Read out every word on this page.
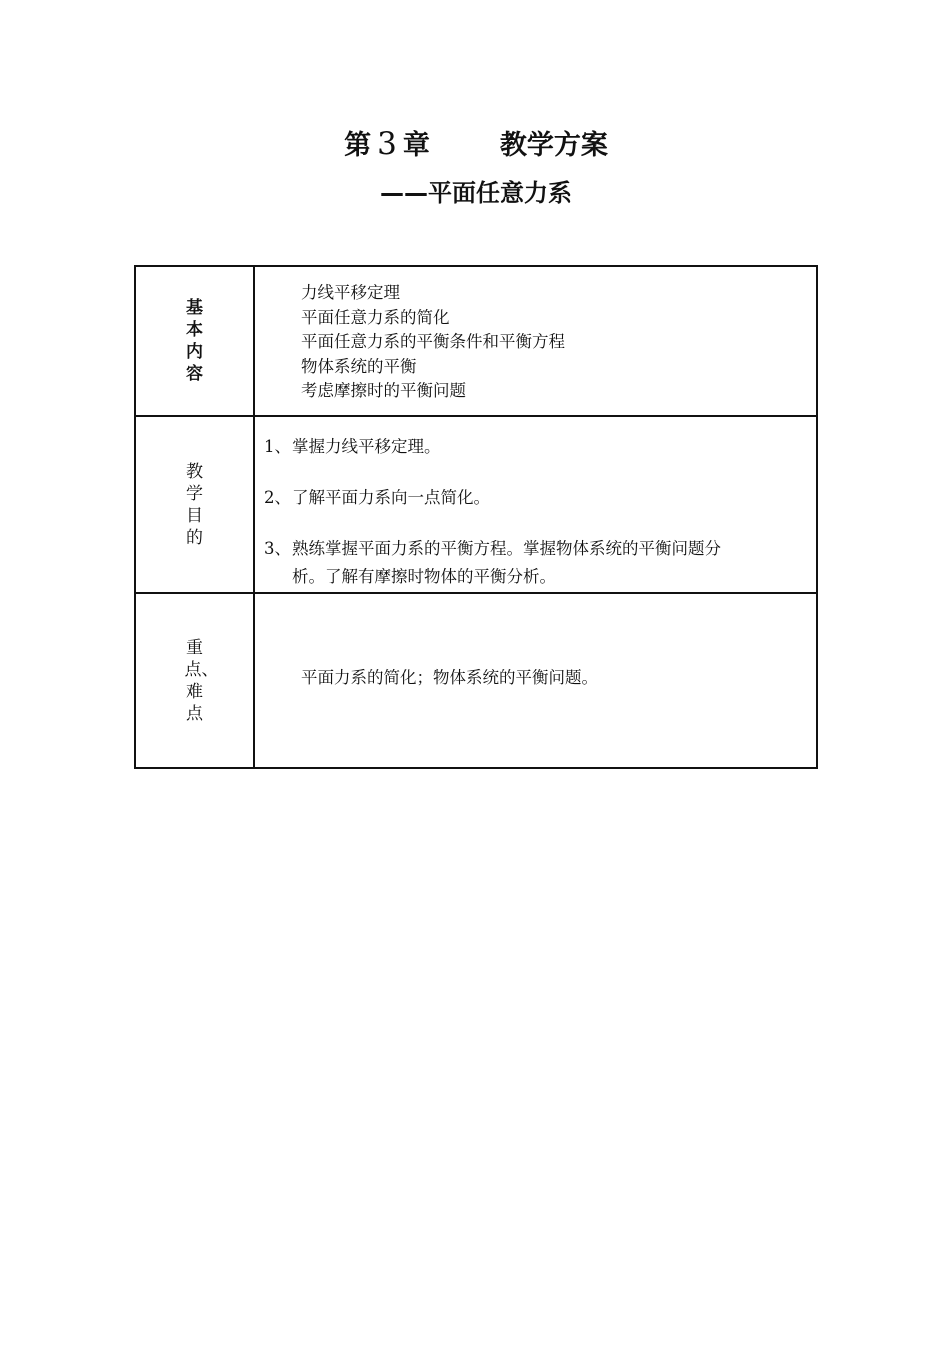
第 3 章	教学方案
——平面任意力系
基本内容	力线平移定理
平面任意力系的简化
平面任意力系的平衡条件和平衡方程
物体系统的平衡
考虑摩擦时的平衡问题

教学目的	1、掌握力线平移定理。
2、了解平面力系向一点简化。
3、熟练掌握平面力系的平衡方程。掌握物体系统的平衡问题分
析。了解有摩擦时物体的平衡分析。

重点、难点	平面力系的简化；物体系统的平衡问题。
